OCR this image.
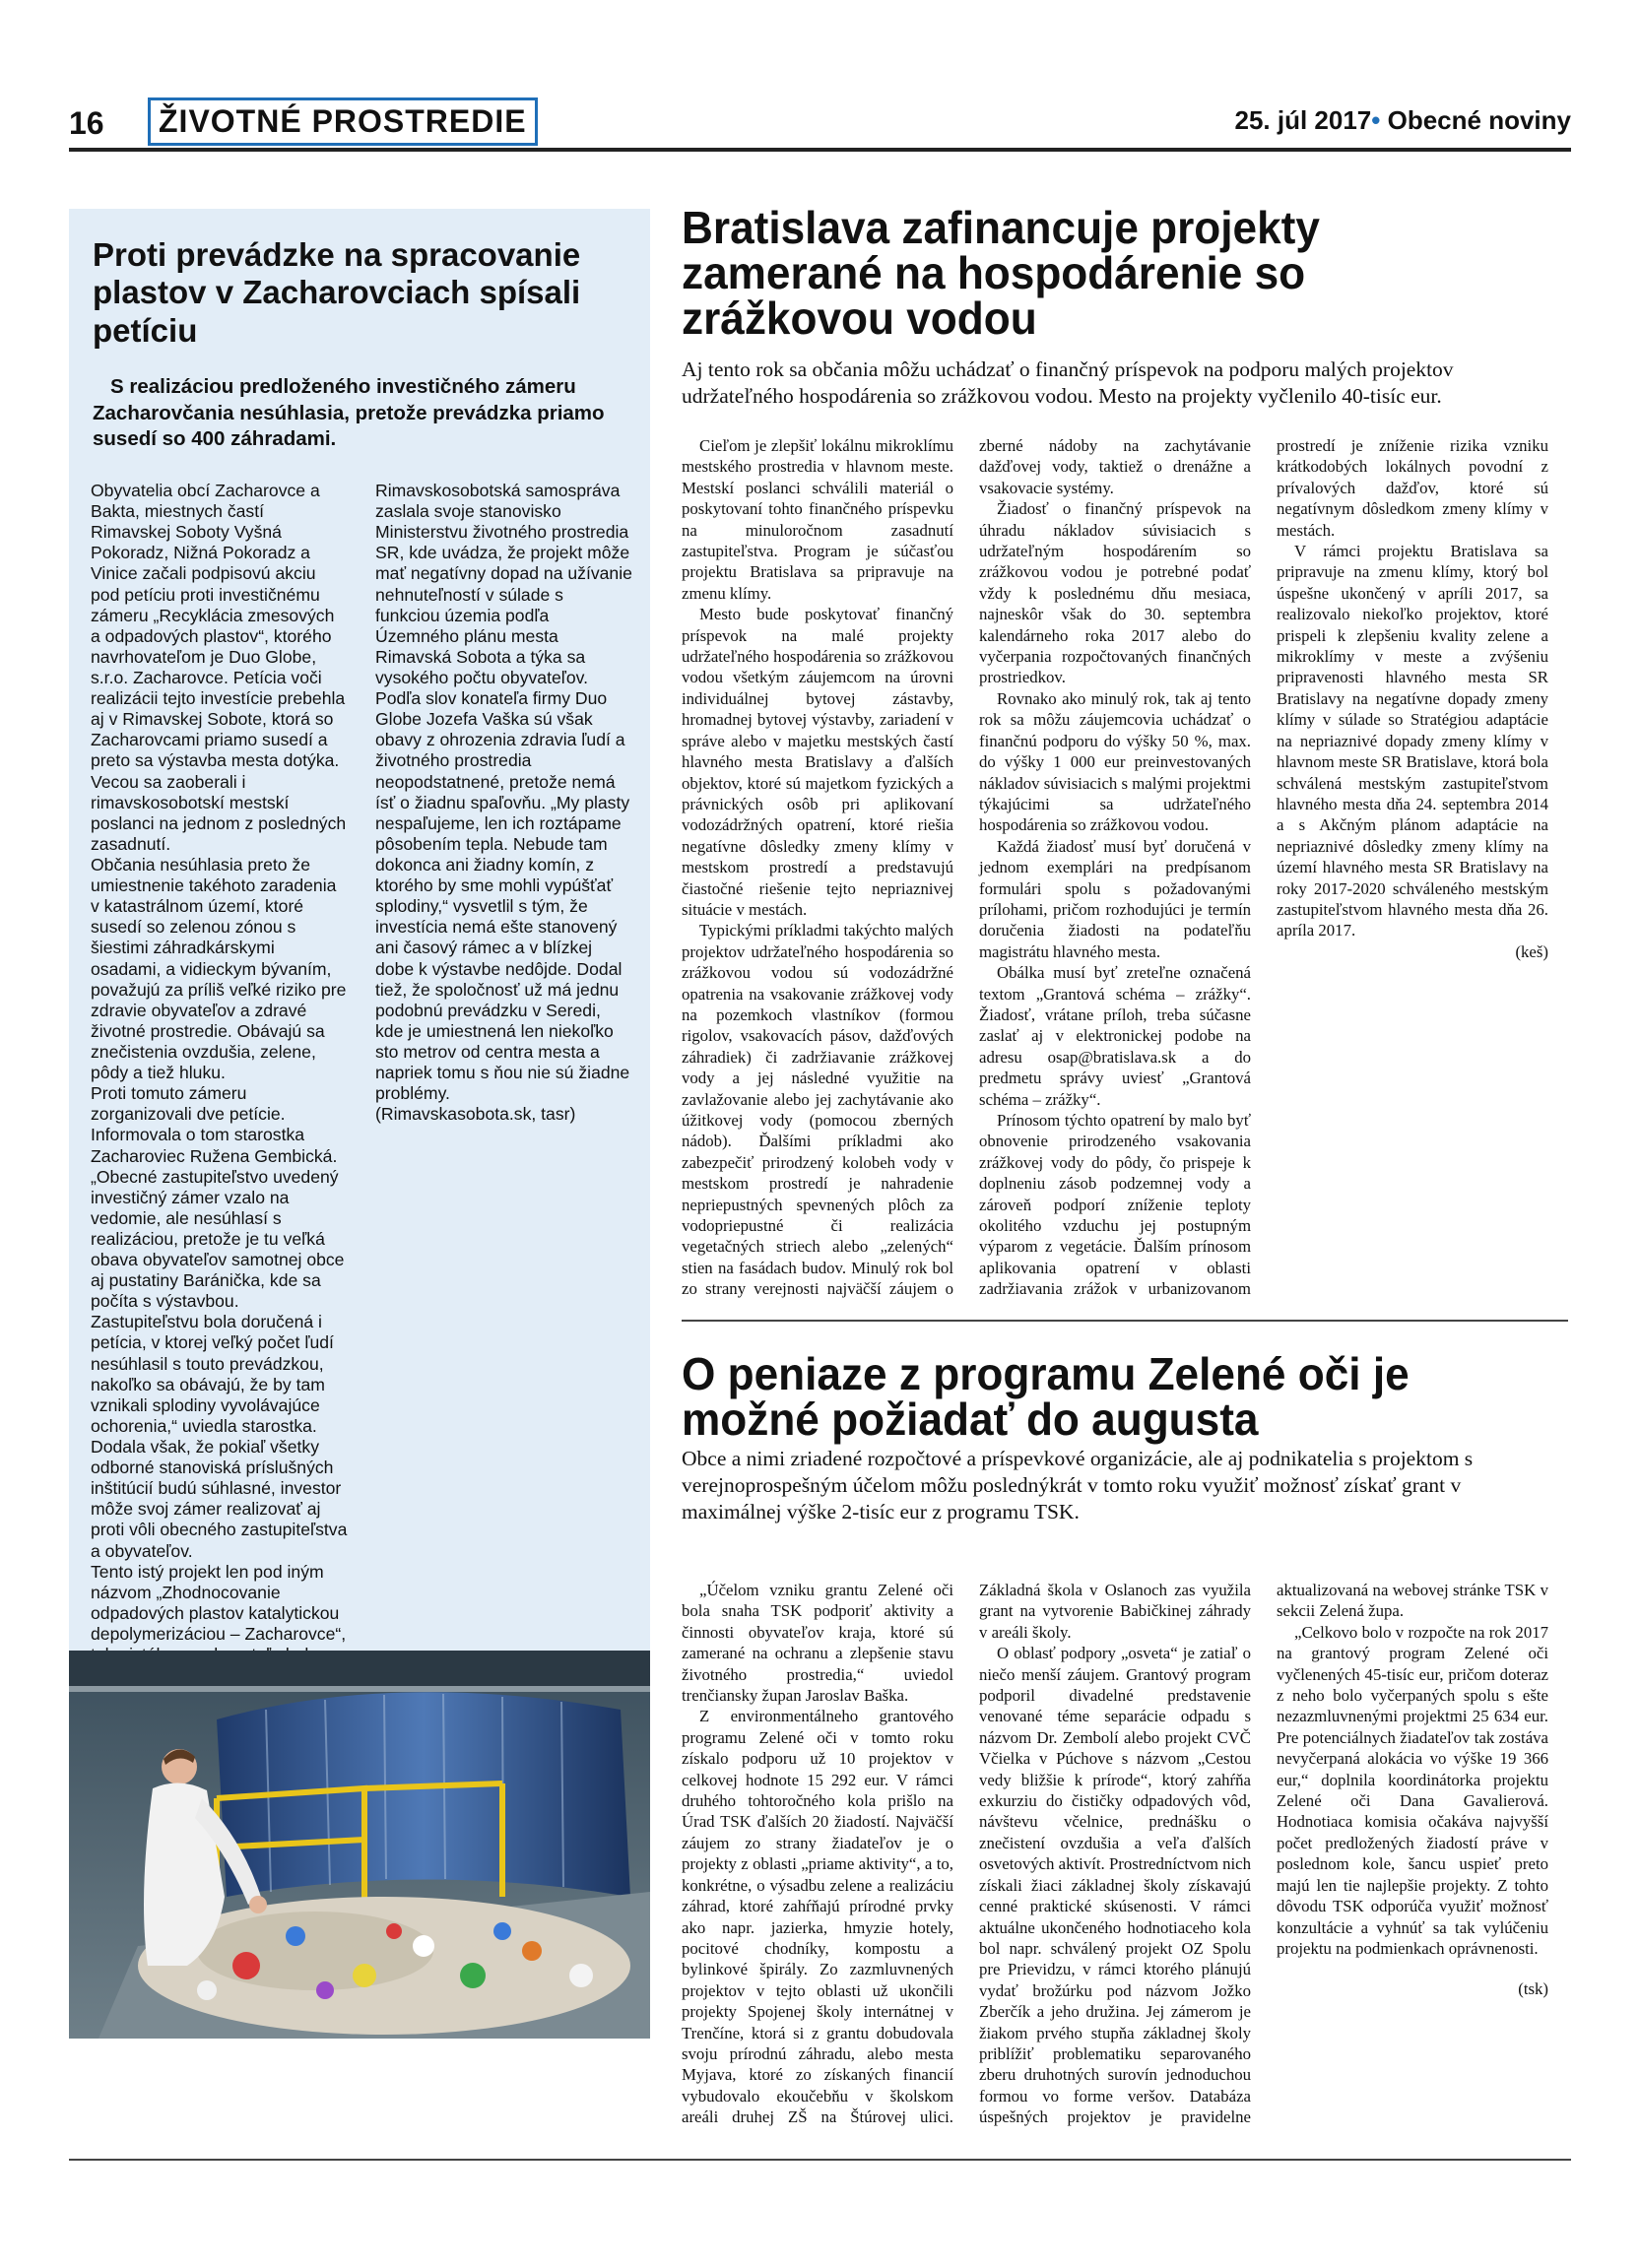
16	ŽIVOTNÉ PROSTREDIE	25. júl 2017• Obecné noviny
Proti prevádzke na spracovanie plastov v Zacharovciach spísali petíciu

S realizáciou predloženého investičného zámeru Zacharovčania nesúhlasia, pretože prevádzka priamo susedí so 400 záhradami.

Obyvatelia obcí Zacharovce a Bakta, miestnych častí Rimavskej Soboty Vyšná Pokoradz, Nižná Pokoradz a Vinice začali podpisovú akciu pod petíciu proti investičnému zámeru „Recyklácia zmesových a odpadových plastov“, ktorého navrhovateľom je Duo Globe, s.r.o. Zacharovce. Petícia voči realizácii tejto investície prebehla aj v Rimavskej Sobote, ktorá so Zacharovcami priamo susedí a preto sa výstavba mesta dotýka. Vecou sa zaoberali i rimavskosobotskí mestskí poslanci na jednom z posledných zasadnutí.

Občania nesúhlasia preto že umiestnenie takéhoto zaradenia v katastrálnom území, ktoré susedí so zelenou zónou s šiestimi záhradkárskymi osadami, a vidieckym bývaním, považujú za príliš veľké riziko pre zdravie obyvateľov a zdravé životné prostredie. Obávajú sa znečistenia ovzdušia, zelene, pôdy a tiež hluku.

Proti tomuto zámeru zorganizovali dve petície. Informovala o tom starostka Zacharoviec Ružena Gembická. „Obecné zastupiteľstvo uvedený investičný zámer vzalo na vedomie, ale nesúhlasí s realizáciou, pretože je tu veľká obava obyvateľov samotnej obce aj pustatiny Baránička, kde sa počíta s výstavbou. Zastupiteľstvu bola doručená i petícia, v ktorej veľký počet ľudí nesúhlasil s touto prevádzkou, nakoľko sa obávajú, že by tam vznikali splodiny vyvolávajúce ochorenia,“ uviedla starostka. Dodala však, že pokiaľ všetky odborné stanoviská príslušných inštitúcií budú súhlasné, investor môže svoj zámer realizovať aj proti vôli obecného zastupiteľstva a obyvateľov.

Tento istý projekt len pod iným názvom „Zhodnocovanie odpadových plastov katalytickou depolymerizáciou – Zacharovce“,

Rimavskosobotská samospráva zaslala svoje stanovisko Ministerstvu životného prostredia SR, kde uvádza, že projekt môže mať negatívny dopad na užívanie nehnuteľností v súlade s funkciou územia podľa Územného plánu mesta Rimavská Sobota a týka sa vysokého počtu obyvateľov.

Podľa slov konateľa firmy Duo Globe Jozefa Vaška sú však obavy z ohrozenia zdravia ľudí a životného prostredia neopodstatnené, pretože nemá ísť o žiadnu spaľovňu. „My plasty nespaľujeme, len ich roztápame pôsobením tepla. Nebude tam dokonca ani žiadny komín, z ktorého by sme mohli vypúšťať splodiny,“ vysvetlil s tým, že investícia nemá ešte stanovený ani časový rámec a v blízkej dobe k výstavbe nedôjde. Dodal tiež, že spoločnosť už má jednu podobnú prevádzku v Seredi, kde je umiestnená len niekoľko sto metrov od centra mesta a napriek tomu s ňou nie sú žiadne problémy.

(Rimavskasobota.sk, tasr)

Bratislava zafinancuje projekty zamerané na hospodárenie so zrážkovou vodou

Aj tento rok sa občania môžu uchádzať o finančný príspevok na podporu malých projektov udržateľného hospodárenia so zrážkovou vodou. Mesto na projekty vyčlenilo 40-tisíc eur.

Cieľom je zlepšiť lokálnu mikroklímu mestského prostredia v hlavnom meste. Mestskí poslanci schválili materiál o poskytovaní tohto finančného príspevku na minuloročnom zasadnutí zastupiteľstva. Program je súčasťou projektu Bratislava sa pripravuje na zmenu klímy.

Mesto bude poskytovať finančný príspevok na malé projekty udržateľného hospodárenia so zrážkovou vodou všetkým záujemcom na úrovni individuálnej bytovej zástavby, hromadnej bytovej výstavby, zariadení v správe alebo v majetku mestských častí hlavného mesta Bratislavy a ďalších objektov, ktoré sú majetkom fyzických a právnických osôb pri aplikovaní vodozádržných opatrení, ktoré riešia negatívne dôsledky zmeny klímy v mestskom prostredí a predstavujú čiastočné riešenie tejto nepriaznivej situácie v mestách.

Typickými príkladmi takýchto malých projektov udržateľného hospodárenia so zrážkovou vodou sú vodozádržné opatrenia na vsakovanie zrážkovej vody na pozemkoch vlastníkov (formou rigolov, vsakovacích pásov, dažďových záhradiek) či zadržiavanie zrážkovej vody a jej následné využitie na zavlažovanie alebo jej zachytávanie ako úžitkovej vody (pomocou zberných nádob). Ďalšími príkladmi ako zabezpečiť prirodzený kolobeh vody v mestskom prostredí je nahradenie nepriepustných spevnených plôch za vodopriepustné či realizácia vegetačných striech alebo „zelených“ stien na fasádach budov. Minulý rok bol zo strany verejnosti najväčší záujem o zberné nádoby na zachytávanie dažďovej vody, taktiež o drenážne a vsakovacie systémy.

Žiadosť o finančný príspevok na úhradu nákladov súvisiacich s udržateľným hospodárením so zrážkovou vodou je potrebné podať vždy k poslednému dňu mesiaca, najneskôr však do 30. septembra kalendárneho roka 2017 alebo do vyčerpania rozpočtovaných finančných prostriedkov.

Rovnako ako minulý rok, tak aj tento rok sa môžu záujemcovia uchádzať o finančnú podporu do výšky 50 %, max. do výšky 1 000 eur preinvestovaných nákladov súvisiacich s malými projektmi týkajúcimi sa udržateľného hospodárenia so zrážkovou vodou.

Každá žiadosť musí byť doručená v jednom exemplári na predpísanom formulári spolu s požadovanými prílohami, pričom rozhodujúci je termín doručenia žiadosti na podateľňu magistrátu hlavného mesta.

Obálka musí byť zreteľne označená textom „Grantová schéma – zrážky“. Žiadosť, vrátane príloh, treba súčasne zaslať aj v elektronickej podobe na adresu osap@bratislava.sk a do predmetu správy uviesť „Grantová schéma – zrážky“.

Prínosom týchto opatrení by malo byť obnovenie prirodzeného vsakovania zrážkovej vody do pôdy, čo prispeje k doplneniu zásob podzemnej vody a zároveň podporí zníženie teploty okolitého vzduchu jej postupným výparom z vegetácie. Ďalším prínosom aplikovania opatrení v oblasti zadržiavania zrážok v urbanizovanom prostredí je zníženie rizika vzniku krátkodobých lokálnych povodní z prívalových dažďov, ktoré sú negatívnym dôsledkom zmeny klímy v mestách.

V rámci projektu Bratislava sa pripravuje na zmenu klímy, ktorý bol úspešne ukončený v apríli 2017, sa realizovalo niekoľko projektov, ktoré prispeli k zlepšeniu kvality zelene a mikroklímy v meste a zvýšeniu pripravenosti hlavného mesta SR Bratislavy na negatívne dopady zmeny klímy v súlade so Stratégiou adaptácie na nepriaznivé dopady zmeny klímy v hlavnom meste SR Bratislave, ktorá bola schválená mestským zastupiteľstvom hlavného mesta dňa 24. septembra 2014 a s Akčným plánom adaptácie na nepriaznivé dôsledky zmeny klímy na území hlavného mesta SR Bratislavy na roky 2017-2020 schváleného mestským zastupiteľstvom hlavného mesta dňa 26. apríla 2017.

(keš)

O peniaze z programu Zelené oči je možné požiadať do augusta

Obce a nimi zriadené rozpočtové a príspevkové organizácie, ale aj podnikatelia s projektom s verejnoprospešným účelom môžu poslednýkrát v tomto roku využiť možnosť získať grant v maximálnej výške 2-tisíc eur z programu TSK.

„Účelom vzniku grantu Zelené oči bola snaha TSK podporiť aktivity a činnosti obyvateľov kraja, ktoré sú zamerané na ochranu a zlepšenie stavu životného prostredia,“ uviedol trenčiansky župan Jaroslav Baška.

Z environmentálneho grantového programu Zelené oči v tomto roku získalo podporu už 10 projektov v celkovej hodnote 15 292 eur. V rámci druhého tohtoročného kola prišlo na Úrad TSK ďalších 20 žiadostí. Najväčší záujem zo strany žiadateľov je o projekty z oblasti „priame aktivity“, a to, konkrétne, o výsadbu zelene a realizáciu záhrad, ktoré zahŕňajú prírodné prvky ako napr. jazierka, hmyzie hotely, pocitové chodníky, kompostu a bylinkové špirály. Zo zazmluvnených projektov v tejto oblasti už ukončili projekty Spojenej školy internátnej v Trenčíne, ktorá si z grantu dobudovala svoju prírodnú záhradu, alebo mesta Myjava, ktoré zo získaných financií vybudovalo ekoučebňu v školskom areáli druhej ZŠ na Štúrovej ulici. Základná škola v Oslanoch zas využila grant na vytvorenie Babičkinej záhrady v areáli školy.

O oblasť podpory „osveta“ je zatiaľ o niečo menší záujem. Grantový program podporil divadelné predstavenie venované téme separácie odpadu s názvom Dr. Zembolí alebo projekt CVČ Včielka v Púchove s názvom „Cestou vedy bližšie k prírode“, ktorý zahŕňa exkurziu do čističky odpadových vôd, návštevu včelnice, prednášku o znečistení ovzdušia a veľa ďalších osvetových aktivít. Prostredníctvom nich získali žiaci základnej školy získavajú cenné praktické skúsenosti. V rámci aktuálne ukončeného hodnotiaceho kola bol napr. schválený projekt OZ Spolu pre Prievidzu, v rámci ktorého plánujú vydať brožúrku pod názvom Jožko Zberčík a jeho družina. Jej zámerom je žiakom prvého stupňa základnej školy priblížiť problematiku separovaného zberu druhotných surovín jednoduchou formou vo forme veršov. Databáza úspešných projektov je pravidelne aktualizovaná na webovej stránke TSK v sekcii Zelená župa.

„Celkovo bolo v rozpočte na rok 2017 na grantový program Zelené oči vyčlenených 45-tisíc eur, pričom doteraz z neho bolo vyčerpaných spolu s ešte nezazmluvnenými projektmi 25 634 eur. Pre potenciálnych žiadateľov tak zostáva nevyčerpaná alokácia vo výške 19 366 eur,“ doplnila koordinátorka projektu Zelené oči Dana Gavalierová. Hodnotiaca komisia očakáva najvyšší počet predložených žiadostí práve v poslednom kole, šancu uspieť preto majú len tie najlepšie projekty. Z tohto dôvodu TSK odporúča využiť možnosť konzultácie a vyhnúť sa tak vylúčeniu projektu na podmienkach oprávnenosti.

(tsk)
